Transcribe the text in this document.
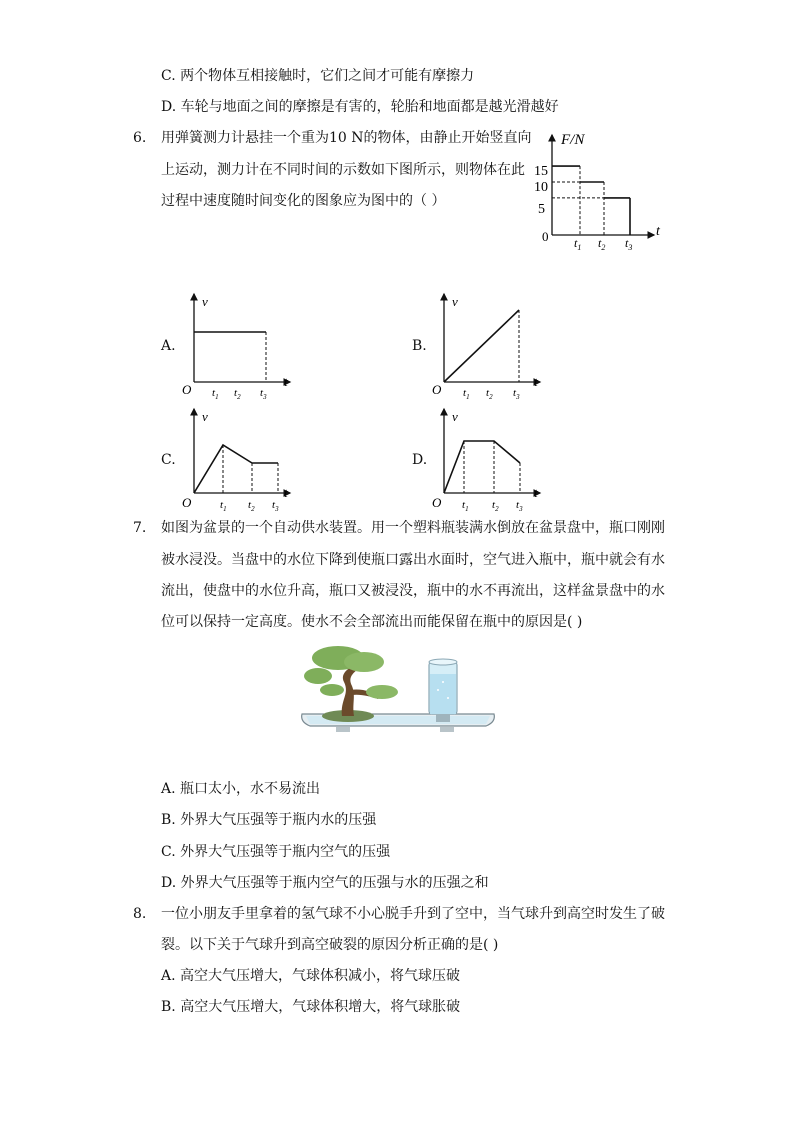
C. 两个物体互相接触时，它们之间才可能有摩擦力
D. 车轮与地面之间的摩擦是有害的，轮胎和地面都是越光滑越好
6. 用弹簧测力计悬挂一个重为10 N的物体，由静止开始竖直向
上运动，测力计在不同时间的示数如下图所示，则物体在此
过程中速度随时间变化的图象应为图中的（ ）
F/N
t
0
15
10
5
$t_1$ $t_2$ $t_3$
A.	B.
C.	D.
v
t
O $t_1$ $t_2$ $t_3$
v
t
O $t_1$ $t_2$ $t_3$
v
t
O	$t_1$ $t_2$ $t_3$
v
t
O $t_1$ $t_2$ $t_3$
7. 如图为盆景的一个自动供水装置。用一个塑料瓶装满水倒放在盆景盘中，瓶口刚刚
被水浸没。当盘中的水位下降到使瓶口露出水面时，空气进入瓶中，瓶中就会有水
流出，使盘中的水位升高，瓶口又被浸没，瓶中的水不再流出，这样盆景盘中的水
位可以保持一定高度。使水不会全部流出而能保留在瓶中的原因是( )
A. 瓶口太小，水不易流出
B. 外界大气压强等于瓶内水的压强
C. 外界大气压强等于瓶内空气的压强
D. 外界大气压强等于瓶内空气的压强与水的压强之和
8. 一位小朋友手里拿着的氢气球不小心脱手升到了空中，当气球升到高空时发生了破
裂。以下关于气球升到高空破裂的原因分析正确的是( )
A. 高空大气压增大，气球体积减小，将气球压破
B. 高空大气压增大，气球体积增大，将气球胀破
